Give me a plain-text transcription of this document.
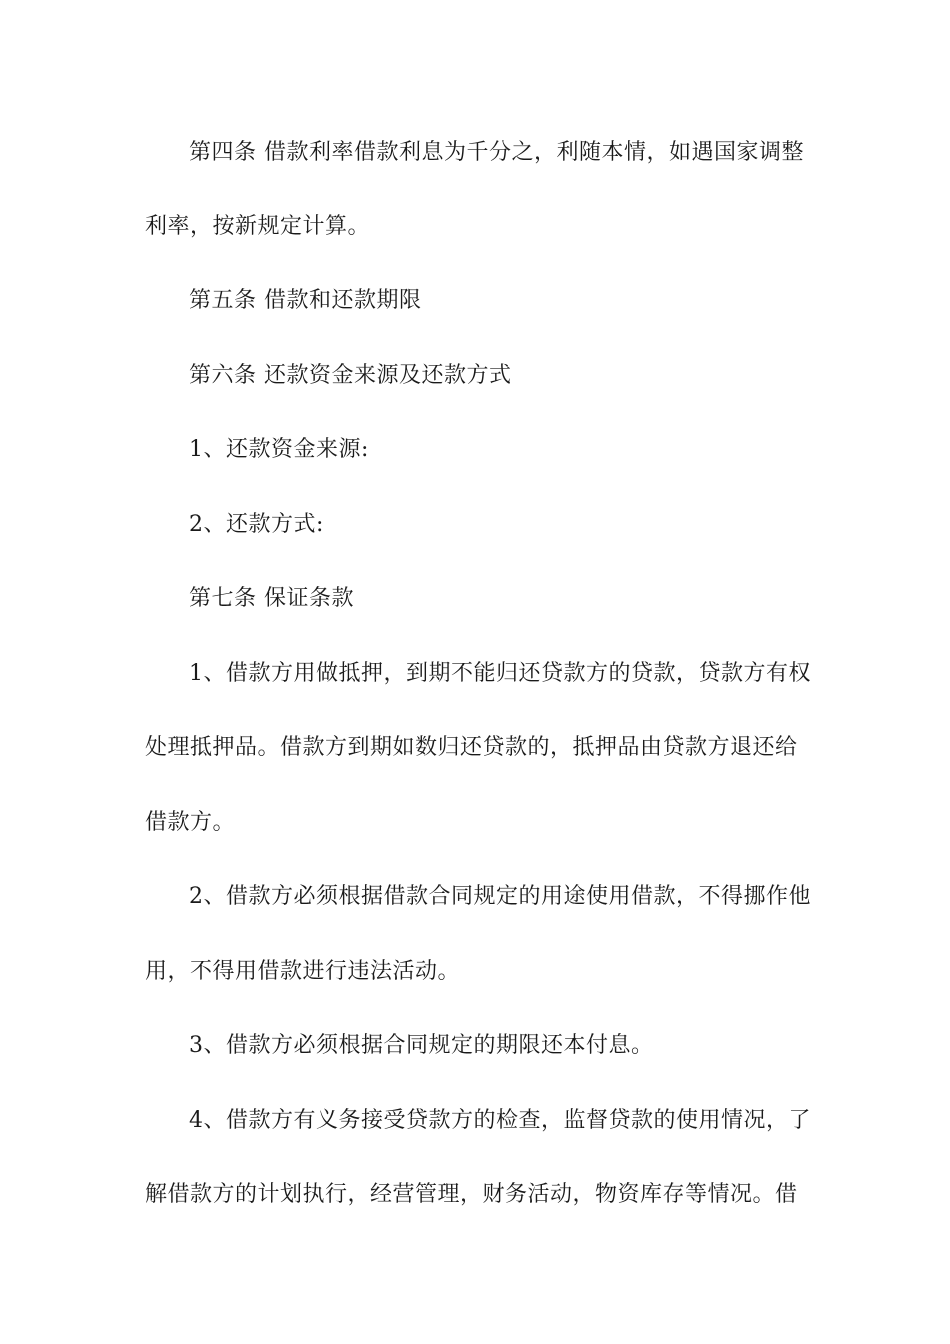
第四条 借款利率借款利息为千分之，利随本情，如遇国家调整
利率，按新规定计算。
第五条 借款和还款期限
第六条 还款资金来源及还款方式
1、还款资金来源:
2、还款方式:
第七条 保证条款
1、借款方用做抵押，到期不能归还贷款方的贷款，贷款方有权
处理抵押品。借款方到期如数归还贷款的，抵押品由贷款方退还给
借款方。
2、借款方必须根据借款合同规定的用途使用借款，不得挪作他
用，不得用借款进行违法活动。
3、借款方必须根据合同规定的期限还本付息。
4、借款方有义务接受贷款方的检查，监督贷款的使用情况，了
解借款方的计划执行，经营管理，财务活动，物资库存等情况。借
